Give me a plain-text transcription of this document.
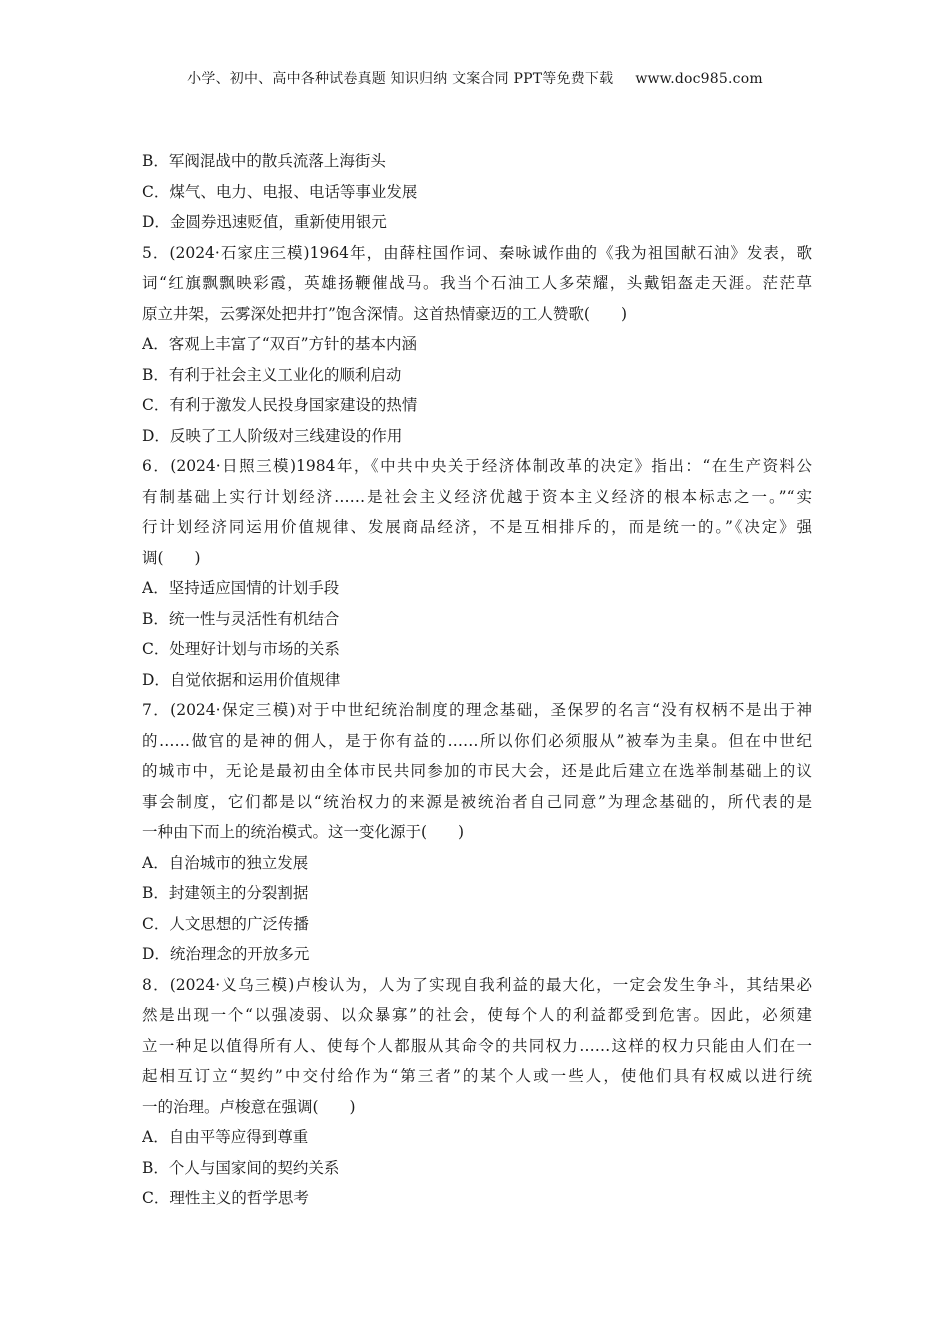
小学、初中、高中各种试卷真题 知识归纳 文案合同 PPT等免费下载 www.doc985.com
B．军阀混战中的散兵流落上海街头
C．煤气、电力、电报、电话等事业发展
D．金圆券迅速贬值，重新使用银元
5．(2024·石家庄三模)1964年，由薛柱国作词、秦咏诚作曲的《我为祖国献石油》发表，歌
词“红旗飘飘映彩霞，英雄扬鞭催战马。我当个石油工人多荣耀，头戴铝盔走天涯。茫茫草
原立井架，云雾深处把井打”饱含深情。这首热情豪迈的工人赞歌(　　)
A．客观上丰富了“双百”方针的基本内涵
B．有利于社会主义工业化的顺利启动
C．有利于激发人民投身国家建设的热情
D．反映了工人阶级对三线建设的作用
6．(2024·日照三模)1984年，《中共中央关于经济体制改革的决定》指出：“在生产资料公
有制基础上实行计划经济……是社会主义经济优越于资本主义经济的根本标志之一。”“实
行计划经济同运用价值规律、发展商品经济，不是互相排斥的，而是统一的。”《决定》强
调(　　)
A．坚持适应国情的计划手段
B．统一性与灵活性有机结合
C．处理好计划与市场的关系
D．自觉依据和运用价值规律
7．(2024·保定三模)对于中世纪统治制度的理念基础，圣保罗的名言“没有权柄不是出于神
的……做官的是神的佣人，是于你有益的……所以你们必须服从”被奉为圭臬。但在中世纪
的城市中，无论是最初由全体市民共同参加的市民大会，还是此后建立在选举制基础上的议
事会制度，它们都是以“统治权力的来源是被统治者自己同意”为理念基础的，所代表的是
一种由下而上的统治模式。这一变化源于(　　)
A．自治城市的独立发展
B．封建领主的分裂割据
C．人文思想的广泛传播
D．统治理念的开放多元
8．(2024·义乌三模)卢梭认为，人为了实现自我利益的最大化，一定会发生争斗，其结果必
然是出现一个“以强凌弱、以众暴寡”的社会，使每个人的利益都受到危害。因此，必须建
立一种足以值得所有人、使每个人都服从其命令的共同权力……这样的权力只能由人们在一
起相互订立“契约”中交付给作为“第三者”的某个人或一些人，使他们具有权威以进行统
一的治理。卢梭意在强调(　　)
A．自由平等应得到尊重
B．个人与国家间的契约关系
C．理性主义的哲学思考
